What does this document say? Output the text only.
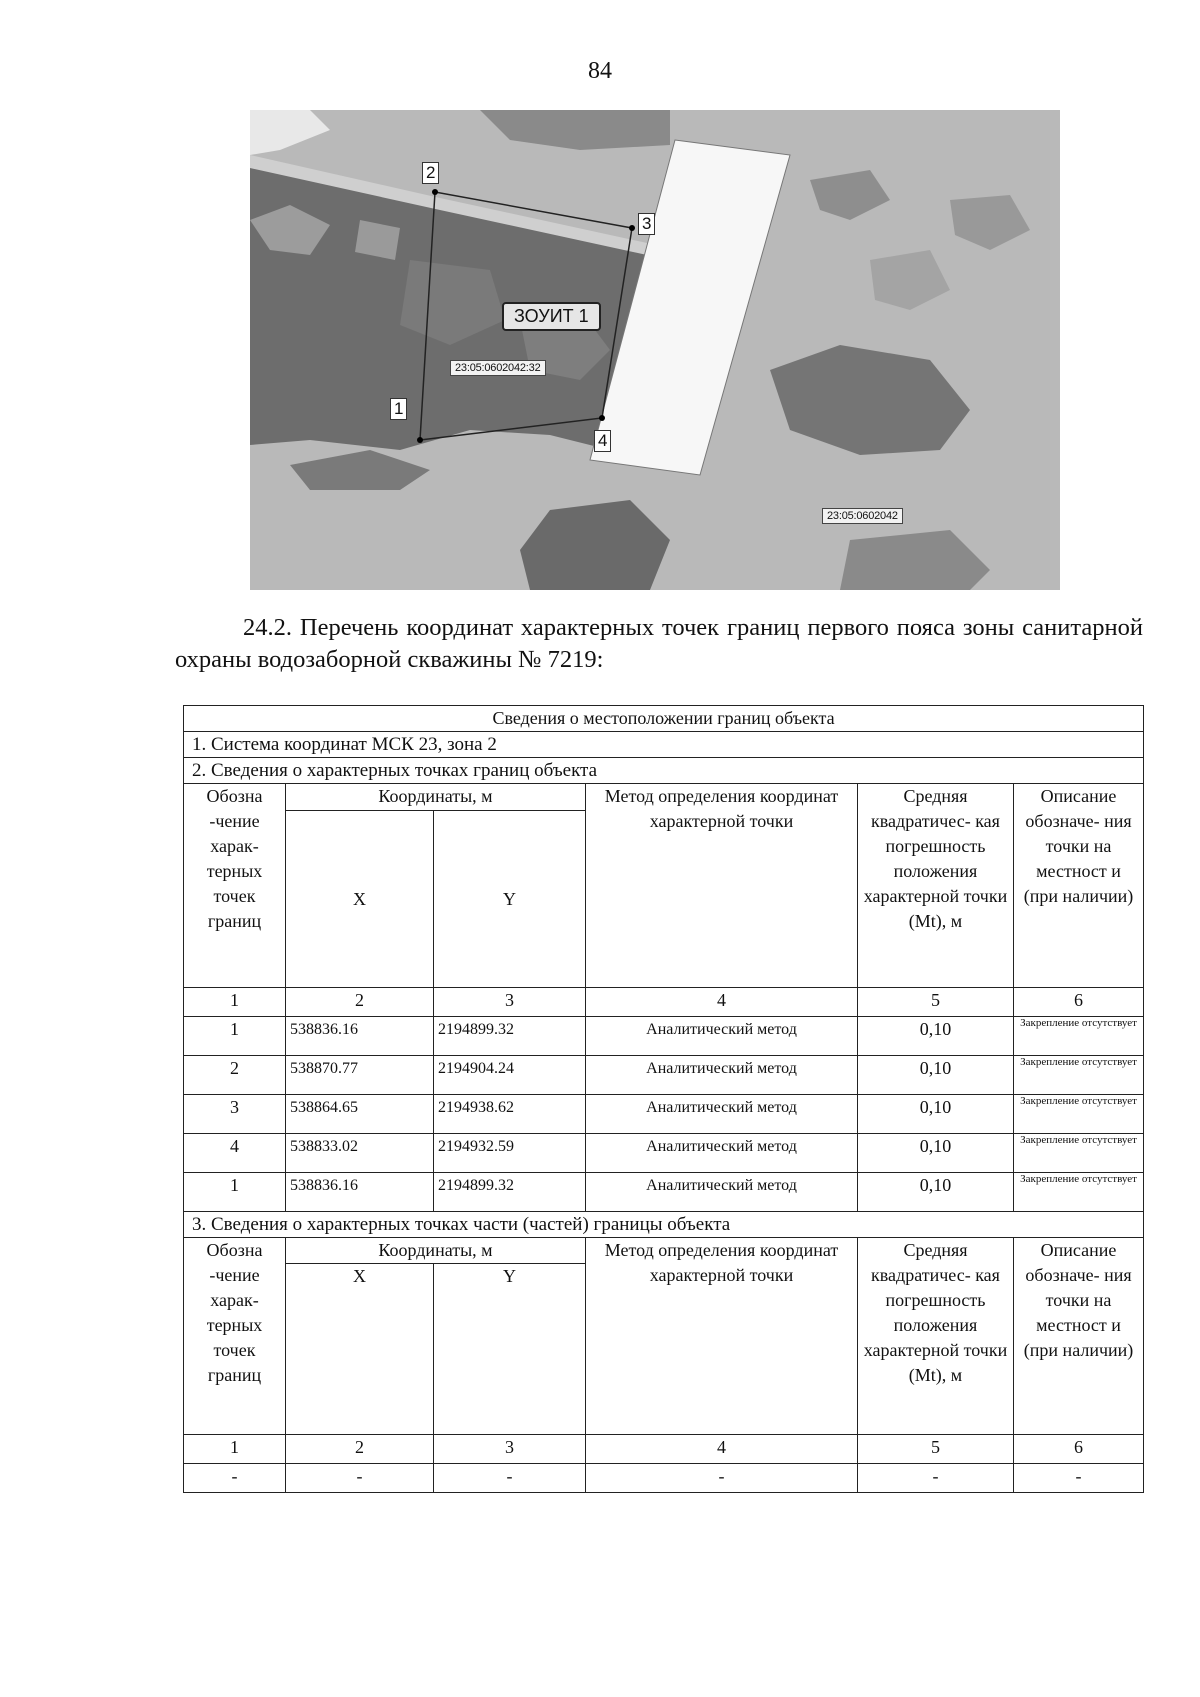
84
1
2
3
4
ЗОУИТ 1
23:05:0602042:32
23:05:0602042
24.2. Перечень координат характерных точек границ первого пояса зоны санитарной охраны водозаборной скважины № 7219:
Сведения о местоположении границ объекта					
1. Система координат МСК 23, зона 2					
2. Сведения о характерных точках границ объекта					
Обозна -чение харак- терных точек границ	Координаты, м		Метод определения координат характерной точки	Средняя квадратичес- кая погрешность положения характерной точки (Mt), м	Описание обозначе- ния точки на местност и (при наличии)
	X	Y			
1	2	3	4	5	6
1	538836.16	2194899.32	Аналитический метод	0,10	Закрепление отсутствует
2	538870.77	2194904.24	Аналитический метод	0,10	Закрепление отсутствует
3	538864.65	2194938.62	Аналитический метод	0,10	Закрепление отсутствует
4	538833.02	2194932.59	Аналитический метод	0,10	Закрепление отсутствует
1	538836.16	2194899.32	Аналитический метод	0,10	Закрепление отсутствует
3. Сведения о характерных точках части (частей) границы объекта					
Обозна -чение харак- терных точек границ	Координаты, м		Метод определения координат характерной точки	Средняя квадратичес- кая погрешность положения характерной точки (Mt), м	Описание обозначе- ния точки на местност и (при наличии)
	X	Y			
1	2	3	4	5	6
-	-	-	-	-	-
